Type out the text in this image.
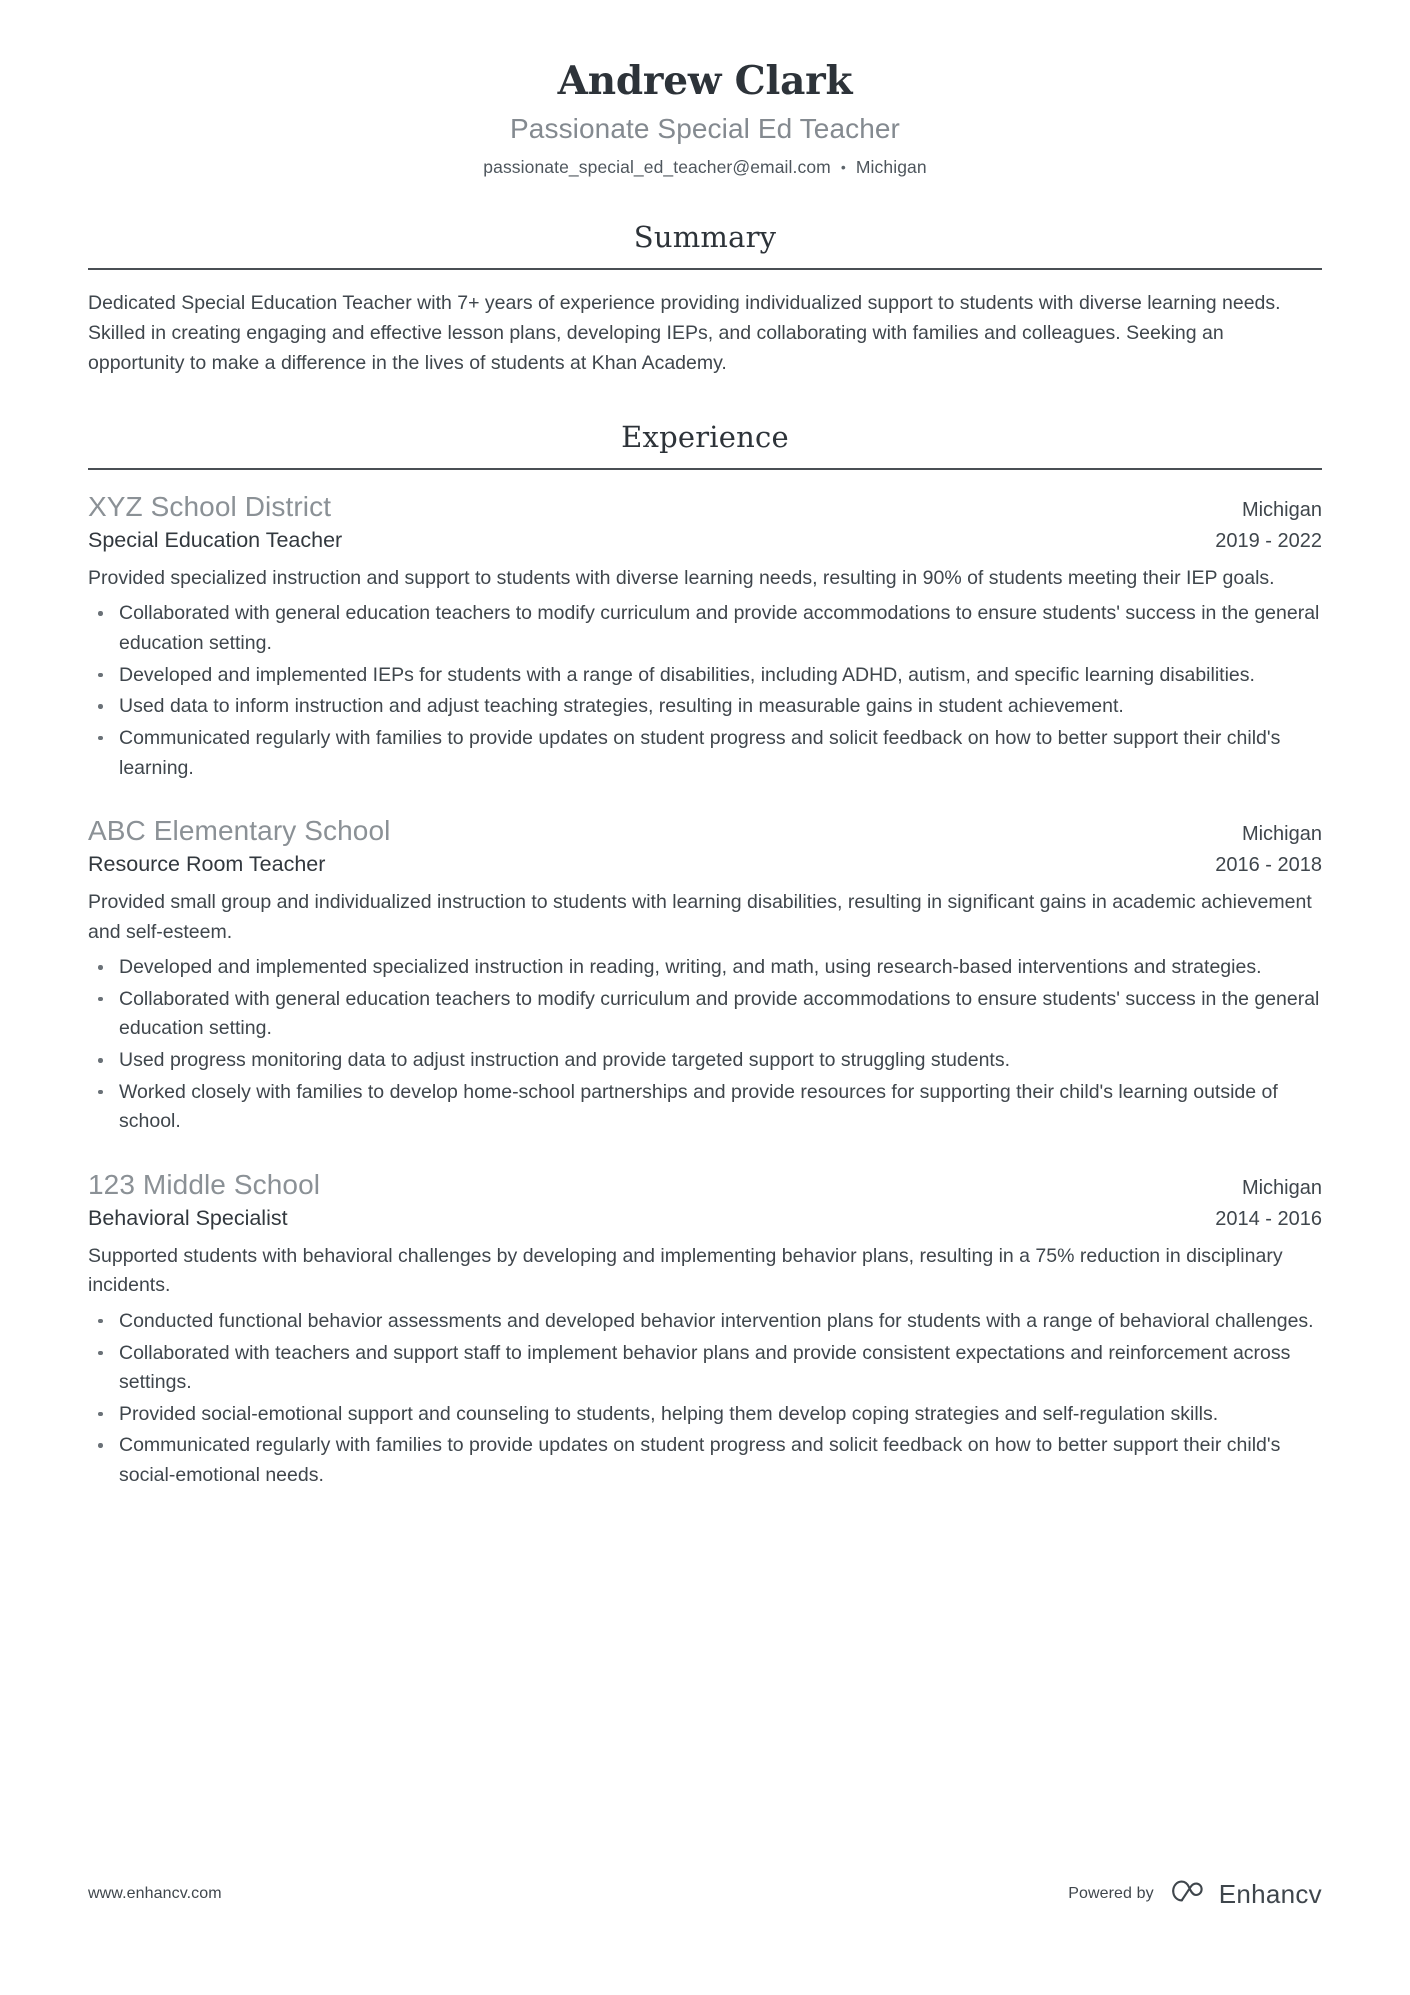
Andrew Clark
Passionate Special Ed Teacher
passionate_special_ed_teacher@email.com • Michigan
Summary

Dedicated Special Education Teacher with 7+ years of experience providing individualized support to students with diverse learning needs. Skilled in creating engaging and effective lesson plans, developing IEPs, and collaborating with families and colleagues. Seeking an opportunity to make a difference in the lives of students at Khan Academy.

Experience
XYZ School District	Michigan
Special Education Teacher	2019 - 2022

Provided specialized instruction and support to students with diverse learning needs, resulting in 90% of students meeting their IEP goals.

Collaborated with general education teachers to modify curriculum and provide accommodations to ensure students' success in the general education setting.
Developed and implemented IEPs for students with a range of disabilities, including ADHD, autism, and specific learning disabilities.
Used data to inform instruction and adjust teaching strategies, resulting in measurable gains in student achievement.
Communicated regularly with families to provide updates on student progress and solicit feedback on how to better support their child's learning.
ABC Elementary School	Michigan
Resource Room Teacher	2016 - 2018

Provided small group and individualized instruction to students with learning disabilities, resulting in significant gains in academic achievement and self-esteem.

Developed and implemented specialized instruction in reading, writing, and math, using research-based interventions and strategies.
Collaborated with general education teachers to modify curriculum and provide accommodations to ensure students' success in the general education setting.
Used progress monitoring data to adjust instruction and provide targeted support to struggling students.
Worked closely with families to develop home-school partnerships and provide resources for supporting their child's learning outside of school.
123 Middle School	Michigan
Behavioral Specialist	2014 - 2016

Supported students with behavioral challenges by developing and implementing behavior plans, resulting in a 75% reduction in disciplinary incidents.

Conducted functional behavior assessments and developed behavior intervention plans for students with a range of behavioral challenges.
Collaborated with teachers and support staff to implement behavior plans and provide consistent expectations and reinforcement across settings.
Provided social-emotional support and counseling to students, helping them develop coping strategies and self-regulation skills.
Communicated regularly with families to provide updates on student progress and solicit feedback on how to better support their child's social-emotional needs.
www.enhancv.com	Powered by	Enhancv
